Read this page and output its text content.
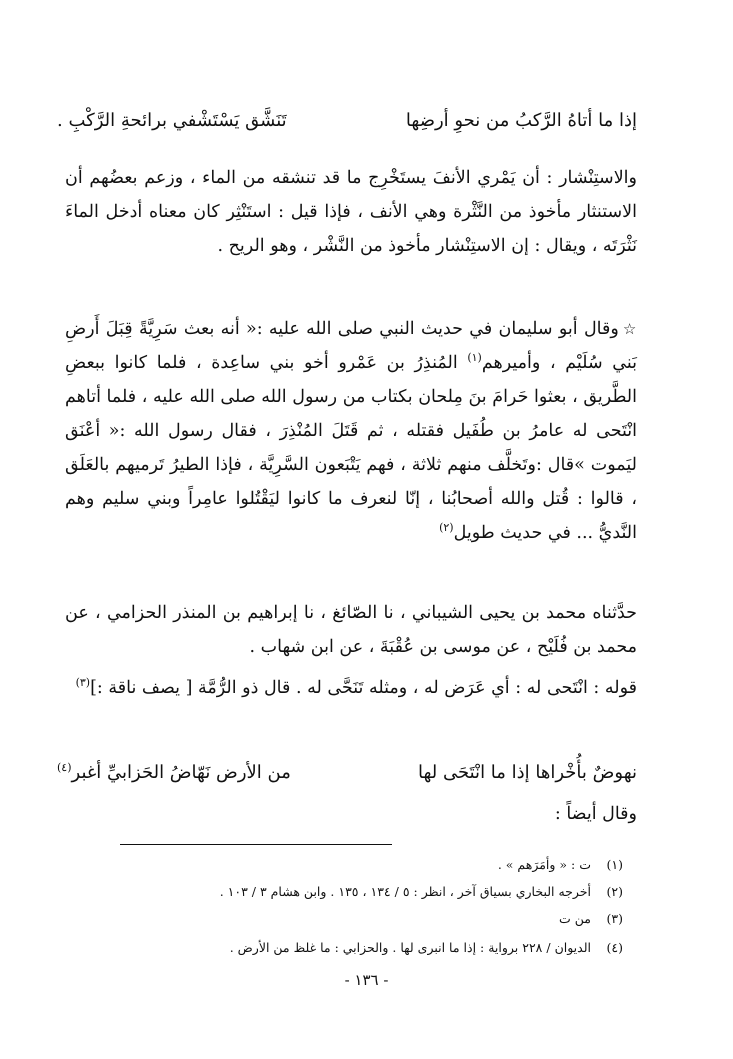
إذا ما أتاهُ الرَّكبُ من نحوِ أرضِها
تَنَشَّق يَسْتَشْفي برائحةِ الرَّكْبِ .
والاستِنْشار : أن يَمْري الأنفَ يستَخْرِج ما قد تنشقه من الماء ، وزعم بعضُهم أن الاستنثار مأخوذ من النَّثْرة وهي الأنف ، فإذا قيل : استَنْثِر كان معناه أدخل الماءَ نَثْرَتَه ، ويقال : إن الاستِنْشار مأخوذ من النَّشْر ، وهو الريح .
☆وقال أبو سليمان في حديث النبي صلى الله عليه :« أنه بعث سَرِيَّةً قِبَلَ أَرضِ بَني سُلَيْم ، وأميرهم$^{(١)}$ المُنذِرُ بن عَمْرو أخو بني ساعِدة ، فلما كانوا ببعضِ الطَّريق ، بعثوا حَرامَ بنَ مِلحان بكتاب من رسول الله صلى الله عليه ، فلما أتاهم انْتَحى له عامرُ بن طُفَيل فقتله ، ثم قَتَلَ المُنْذِرَ ، فقال رسول الله :« أعْنَق ليَموت »قال :وتَخلَّف منهم ثلاثة ، فهم يَتْبَعون السَّرِيَّة ، فإذا الطيرُ تَرميهم بالعَلَق ، قالوا : قُتل والله أصحابُنا ، إنّا لنعرف ما كانوا ليَقْتُلوا عامِراً وبني سليم وهم النَّديُّ ... في حديث طويل$^{(٢)}$
حدَّثناه محمد بن يحيى الشيباني ، نا الصّائغ ، نا إبراهيم بن المنذر الحزامي ، عن محمد بن فُلَيْح ، عن موسى بن عُقْبَةَ ، عن ابن شهاب .
قوله : انْتَحى له : أي عَرَض له ، ومثله تَنَحَّى له . قال ذو الرُّمَّة [ يصف ناقة :]$^{(٣)}$
نهوضٌ بأُخْراها إذا ما انْتَحَى لها
من الأرض نَهّاضُ الحَزابيِّ أغبر$^{(٤)}$
وقال أيضاً :
(١)ت : « وأمَرَهم » .
(٢)أخرجه البخاري بسياق آخر ، انظر : ٥ / ١٣٤ ، ١٣٥ . وابن هشام ٣ / ١٠٣ .
(٣)من ت
(٤)الديوان / ٢٢٨ برواية : إذا ما انبرى لها . والحزابي : ما غلظ من الأرض .
- ١٣٦ -
